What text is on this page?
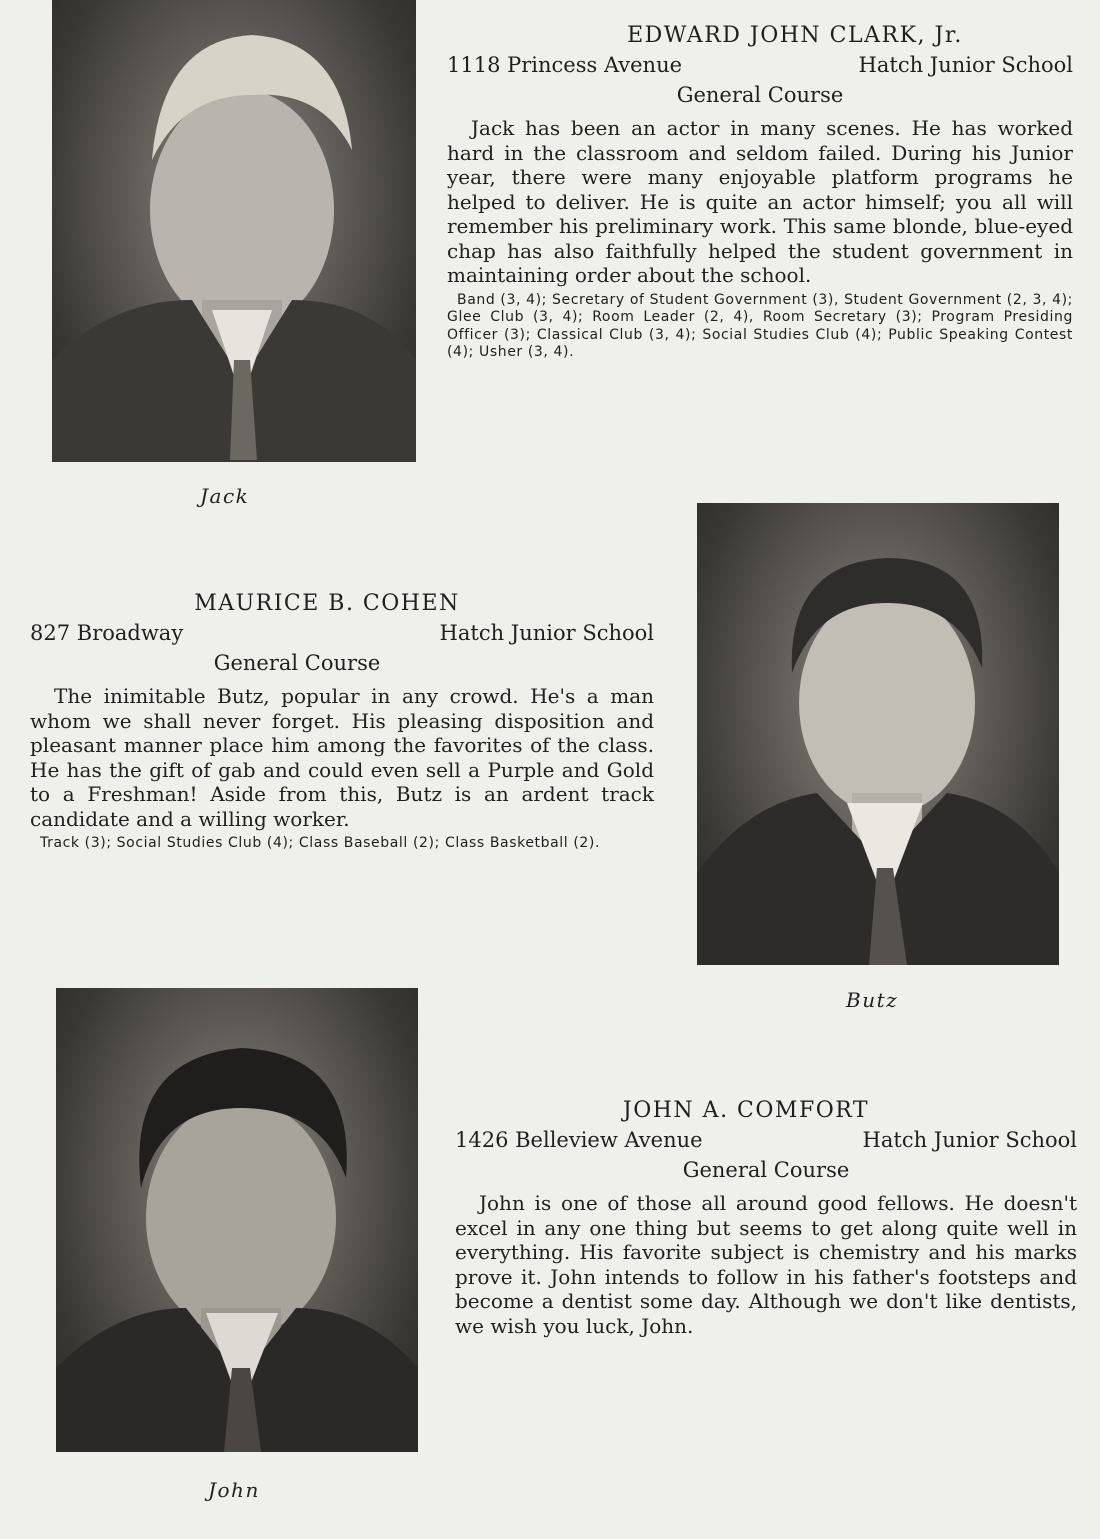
Jack
EDWARD JOHN CLARK, Jr.
1118 Princess Avenue	Hatch Junior School
General Course

Jack has been an actor in many scenes. He has worked hard in the classroom and seldom failed. During his Junior year, there were many enjoyable platform programs he helped to deliver. He is quite an actor himself; you all will remember his preliminary work. This same blonde, blue-eyed chap has also faithfully helped the student government in maintaining order about the school.

Band (3, 4); Secretary of Student Government (3), Student Government (2, 3, 4); Glee Club (3, 4); Room Leader (2, 4), Room Secretary (3); Program Presiding Officer (3); Classical Club (3, 4); Social Studies Club (4); Public Speaking Contest (4); Usher (3, 4).

MAURICE B. COHEN
827 Broadway	Hatch Junior School
General Course

The inimitable Butz, popular in any crowd. He's a man whom we shall never forget. His pleasing disposition and pleasant manner place him among the favorites of the class. He has the gift of gab and could even sell a Purple and Gold to a Freshman! Aside from this, Butz is an ardent track candidate and a willing worker.

Track (3); Social Studies Club (4); Class Baseball (2); Class Basketball (2).

Butz
John
JOHN A. COMFORT
1426 Belleview Avenue	Hatch Junior School
General Course

John is one of those all around good fellows. He doesn't excel in any one thing but seems to get along quite well in everything. His favorite subject is chemistry and his marks prove it. John intends to follow in his father's footsteps and become a dentist some day. Although we don't like dentists, we wish you luck, John.
